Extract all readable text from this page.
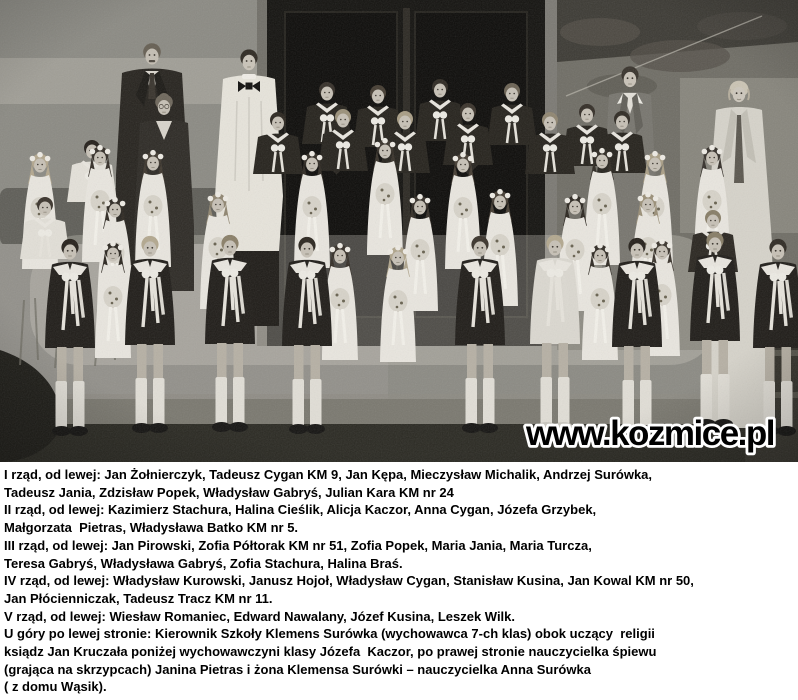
www.kozmice.pl
I rząd, od lewej: Jan Żołnierczyk, Tadeusz Cygan KM 9, Jan Kępa, Mieczysław Michalik, Andrzej Surówka,
Tadeusz Jania, Zdzisław Popek, Władysław Gabryś, Julian Kara KM nr 24
II rząd, od lewej: Kazimierz Stachura, Halina Cieślik, Alicja Kaczor, Anna Cygan, Józefa Grzybek,
Małgorzata  Pietras, Władysława Batko KM nr 5.
III rząd, od lewej: Jan Pirowski, Zofia Półtorak KM nr 51, Zofia Popek, Maria Jania, Maria Turcza,
Teresa Gabryś, Władysława Gabryś, Zofia Stachura, Halina Braś.
IV rząd, od lewej: Władysław Kurowski, Janusz Hojoł, Władysław Cygan, Stanisław Kusina, Jan Kowal KM nr 50,
Jan Płócienniczak, Tadeusz Tracz KM nr 11.
V rząd, od lewej: Wiesław Romaniec, Edward Nawalany, Józef Kusina, Leszek Wilk.
U góry po lewej stronie: Kierownik Szkoły Klemens Surówka (wychowawca 7-ch klas) obok uczący  religii
ksiądz Jan Kruczała poniżej wychowawczyni klasy Józefa  Kaczor, po prawej stronie nauczycielka śpiewu
(grająca na skrzypcach) Janina Pietras i żona Klemensa Surówki – nauczycielka Anna Surówka
( z domu Wąsik).
